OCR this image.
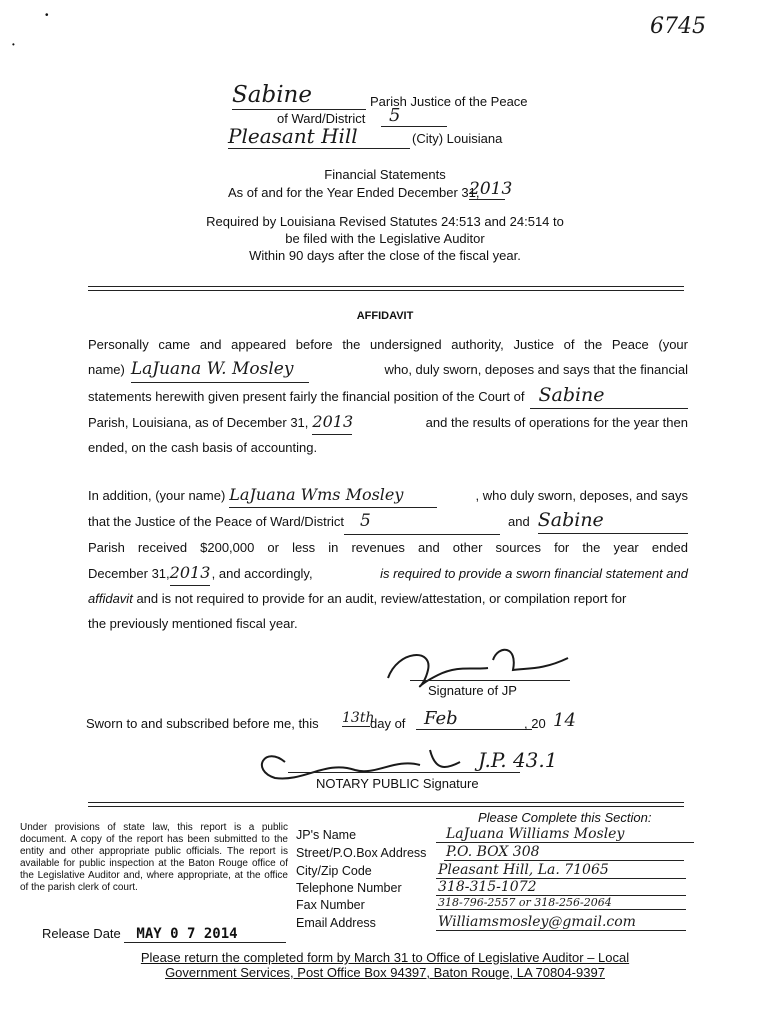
6745
•
•
Sabine	Parish Justice of the Peace
of Ward/District	5
Pleasant Hill	(City) Louisiana
Financial Statements
As of and for the Year Ended December 31,
2013
Required by Louisiana Revised Statutes 24:513 and 24:514 to
be filed with the Legislative Auditor
Within 90 days after the close of the fiscal year.
AFFIDAVIT
Personally came and appeared before the undersigned authority, Justice of the Peace (your
name) LaJuana W. Mosley	who, duly sworn, deposes and says that the financial
statements herewith given present fairly the financial position of the Court of Sabine
Parish, Louisiana, as of December 31, 2013	and the results of operations for the year then
ended, on the cash basis of accounting.
In addition, (your name) LaJuana Wms Mosley	, who duly sworn, deposes, and says
that the Justice of the Peace of Ward/District 5	and Sabine
Parish received $200,000 or less in revenues and other sources for the year ended
December 31, 2013 , and accordingly,	is required to provide a sworn financial statement and
affidavit and is not required to provide for an audit, review/attestation, or compilation report for
the previously mentioned fiscal year.
Signature of JP
Sworn to and subscribed before me, this 13th
day of	Feb	, 20 14
J.P. 43.1
NOTARY PUBLIC Signature
Please Complete this Section:
Under provisions of state law, this report is a public document. A copy of the report has been submitted to the entity and other appropriate public officials. The report is available for public inspection at the Baton Rouge office of the Legislative Auditor and, where appropriate, at the office of the parish clerk of court.
Release Date MAY 0 7 2014
JP's Name	LaJuana Williams Mosley
Street/P.O.Box Address P.O. BOX 308
City/Zip Code	Pleasant Hill, La. 71065
Telephone Number	318-315-1072
Fax Number	318-796-2557 or 318-256-2064
Email Address	Williamsmosley@gmail.com
Please return the completed form by March 31 to Office of Legislative Auditor – Local
Government Services, Post Office Box 94397, Baton Rouge, LA 70804-9397
